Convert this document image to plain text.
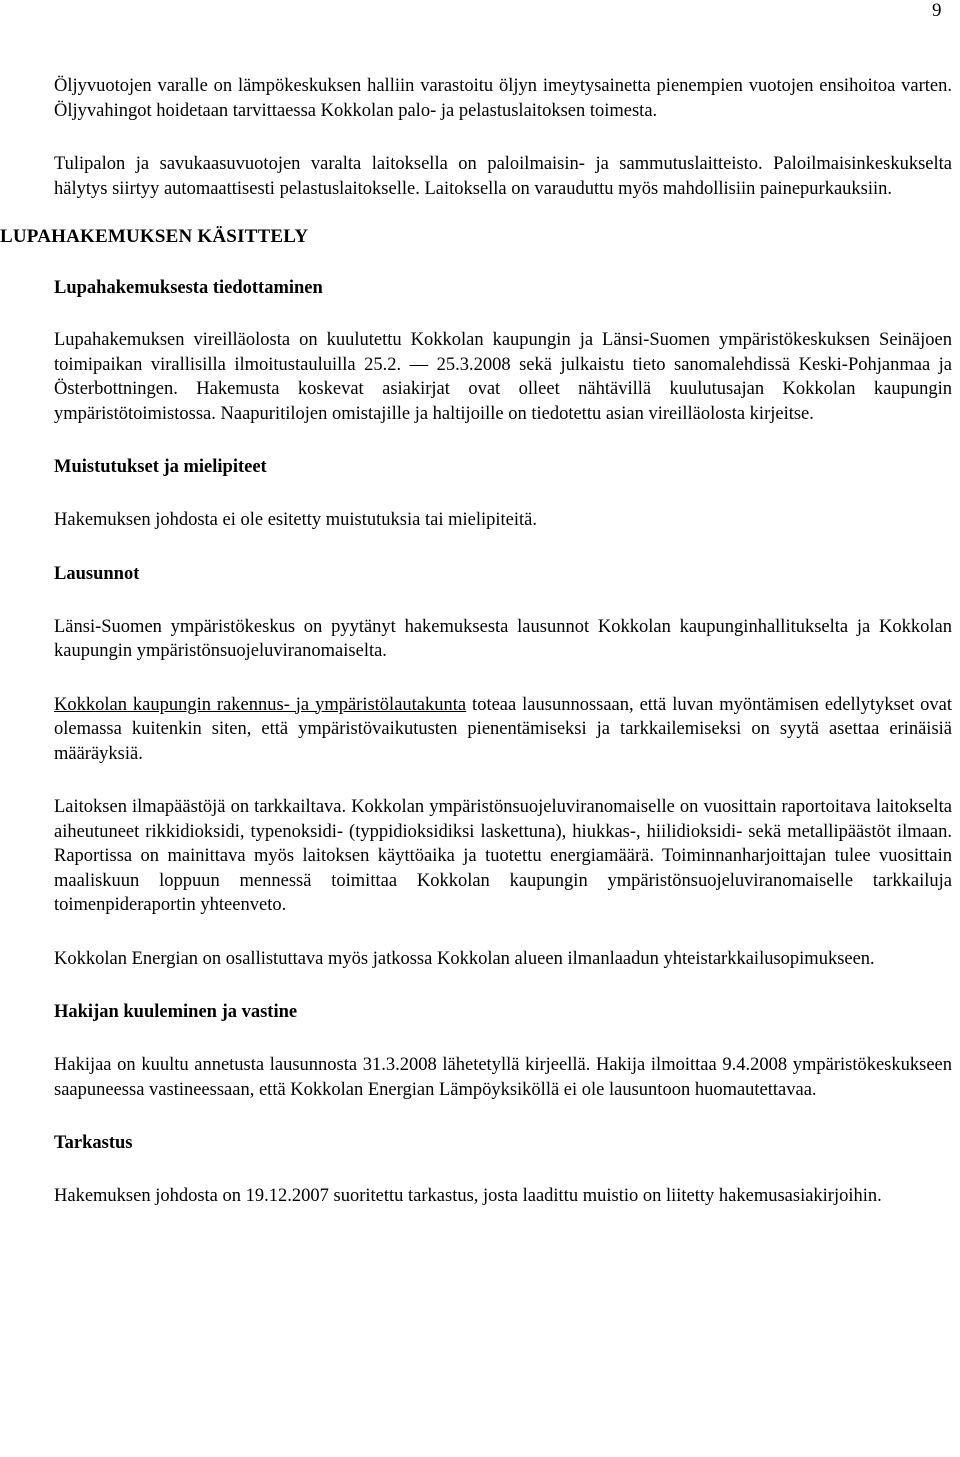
9

Öljyvuotojen varalle on lämpökeskuksen halliin varastoitu öljyn imeytysainetta pienempien vuotojen ensihoitoa varten. Öljyvahingot hoidetaan tarvittaessa Kokkolan palo- ja pelastuslaitoksen toimesta.

Tulipalon ja savukaasuvuotojen varalta laitoksella on paloilmaisin- ja sammutuslaitteisto. Paloilmaisinkeskukselta hälytys siirtyy automaattisesti pelastuslaitokselle. Laitoksella on varauduttu myös mahdollisiin painepurkauksiin.

LUPAHAKEMUKSEN KÄSITTELY
Lupahakemuksesta tiedottaminen

Lupahakemuksen vireilläolosta on kuulutettu Kokkolan kaupungin ja Länsi-Suomen ympäristökeskuksen Seinäjoen toimipaikan virallisilla ilmoitustauluilla 25.2. — 25.3.2008 sekä julkaistu tieto sanomalehdissä Keski-Pohjanmaa ja Österbottningen. Hakemusta koskevat asiakirjat ovat olleet nähtävillä kuulutusajan Kokkolan kaupungin ympäristötoimistossa. Naapuritilojen omistajille ja haltijoille on tiedotettu asian vireilläolosta kirjeitse.

Muistutukset ja mielipiteet

Hakemuksen johdosta ei ole esitetty muistutuksia tai mielipiteitä.

Lausunnot

Länsi-Suomen ympäristökeskus on pyytänyt hakemuksesta lausunnot Kokkolan kaupunginhallitukselta ja Kokkolan kaupungin ympäristönsuojeluviranomaiselta.

Kokkolan kaupungin rakennus- ja ympäristölautakunta toteaa lausunnossaan, että luvan myöntämisen edellytykset ovat olemassa kuitenkin siten, että ympäristövaikutusten pienentämiseksi ja tarkkailemiseksi on syytä asettaa erinäisiä määräyksiä.

Laitoksen ilmapäästöjä on tarkkailtava. Kokkolan ympäristönsuojeluviranomaiselle on vuosittain raportoitava laitokselta aiheutuneet rikkidioksidi, typenoksidi- (typpidioksidiksi laskettuna), hiukkas-, hiilidioksidi- sekä metallipäästöt ilmaan. Raportissa on mainittava myös laitoksen käyttöaika ja tuotettu energiamäärä. Toiminnanharjoittajan tulee vuosittain maaliskuun loppuun mennessä toimittaa Kokkolan kaupungin ympäristönsuojeluviranomaiselle tarkkailuja toimenpideraportin yhteenveto.

Kokkolan Energian on osallistuttava myös jatkossa Kokkolan alueen ilmanlaadun yhteistarkkailusopimukseen.

Hakijan kuuleminen ja vastine

Hakijaa on kuultu annetusta lausunnosta 31.3.2008 lähetetyllä kirjeellä. Hakija ilmoittaa 9.4.2008 ympäristökeskukseen saapuneessa vastineessaan, että Kokkolan Energian Lämpöyksiköllä ei ole lausuntoon huomautettavaa.

Tarkastus

Hakemuksen johdosta on 19.12.2007 suoritettu tarkastus, josta laadittu muistio on liitetty hakemusasiakirjoihin.
